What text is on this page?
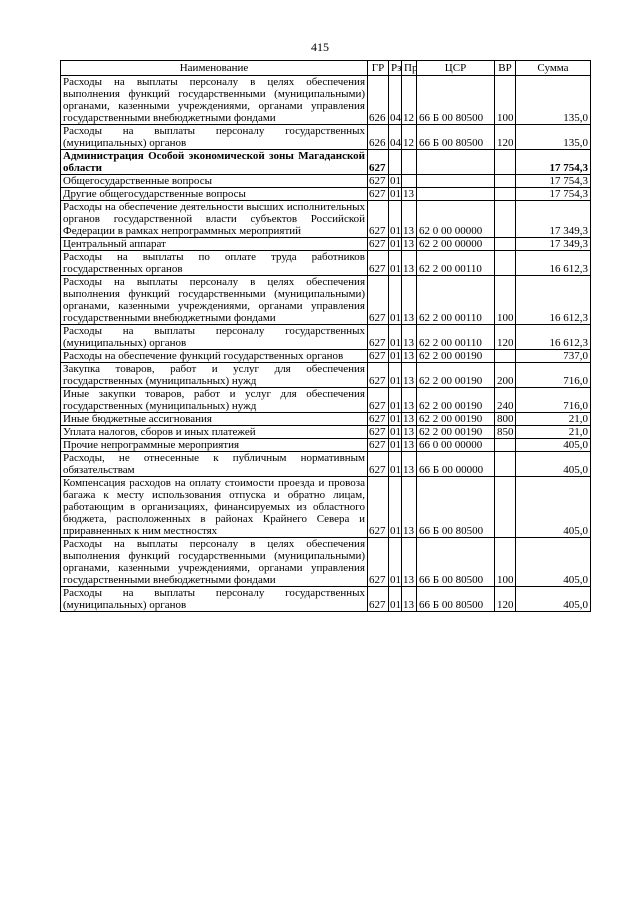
415
Наименование	ГР	Рз	Пр	ЦСР	ВР	Сумма
Расходы на выплаты персоналу в целях обеспечения выполнения функций государственными (муниципальными) органами, казенными учреждениями, органами управления государственными внебюджетными фондами	626	04	12	66 Б 00 80500	100	135,0
Расходы на выплаты персоналу государственных (муниципальных) органов	626	04	12	66 Б 00 80500	120	135,0
Администрация Особой экономической зоны Магаданской области	627					17 754,3
Общегосударственные вопросы	627	01				17 754,3
Другие общегосударственные вопросы	627	01	13			17 754,3
Расходы на обеспечение деятельности высших исполнительных органов государственной власти субъектов Российской Федерации в рамках непрограммных мероприятий	627	01	13	62 0 00 00000		17 349,3
Центральный аппарат	627	01	13	62 2 00 00000		17 349,3
Расходы на выплаты по оплате труда работников государственных органов	627	01	13	62 2 00 00110		16 612,3
Расходы на выплаты персоналу в целях обеспечения выполнения функций государственными (муниципальными) органами, казенными учреждениями, органами управления государственными внебюджетными фондами	627	01	13	62 2 00 00110	100	16 612,3
Расходы на выплаты персоналу государственных (муниципальных) органов	627	01	13	62 2 00 00110	120	16 612,3
Расходы на обеспечение функций государственных органов	627	01	13	62 2 00 00190		737,0
Закупка товаров, работ и услуг для обеспечения государственных (муниципальных) нужд	627	01	13	62 2 00 00190	200	716,0
Иные закупки товаров, работ и услуг для обеспечения государственных (муниципальных) нужд	627	01	13	62 2 00 00190	240	716,0
Иные бюджетные ассигнования	627	01	13	62 2 00 00190	800	21,0
Уплата налогов, сборов и иных платежей	627	01	13	62 2 00 00190	850	21,0
Прочие непрограммные мероприятия	627	01	13	66 0 00 00000		405,0
Расходы, не отнесенные к публичным нормативным обязательствам	627	01	13	66 Б 00 00000		405,0
Компенсация расходов на оплату стоимости проезда и провоза багажа к месту использования отпуска и обратно лицам, работающим в организациях, финансируемых из областного бюджета, расположенных в районах Крайнего Севера и приравненных к ним местностях	627	01	13	66 Б 00 80500		405,0
Расходы на выплаты персоналу в целях обеспечения выполнения функций государственными (муниципальными) органами, казенными учреждениями, органами управления государственными внебюджетными фондами	627	01	13	66 Б 00 80500	100	405,0
Расходы на выплаты персоналу государственных (муниципальных) органов	627	01	13	66 Б 00 80500	120	405,0
